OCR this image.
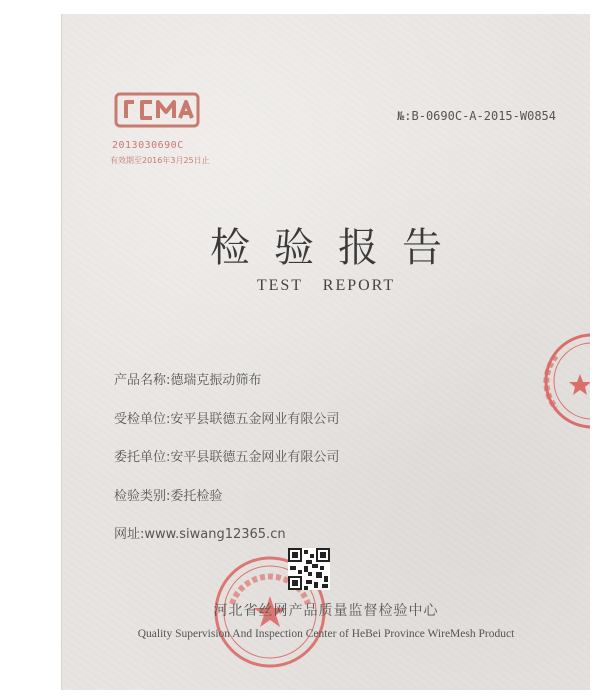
2013030690C
有效期至2016年3月25日止
№:B-0690C-A-2015-W0854
检验报告
TEST REPORT
产品名称:德瑞克振动筛布
受检单位:安平县联德五金网业有限公司
委托单位:安平县联德五金网业有限公司
检验类别:委托检验
网址:www.siwang12365.cn
河北省丝网产品质量监督检验中心
Quality Supervision And Inspection Center of HeBei Province WireMesh Product
